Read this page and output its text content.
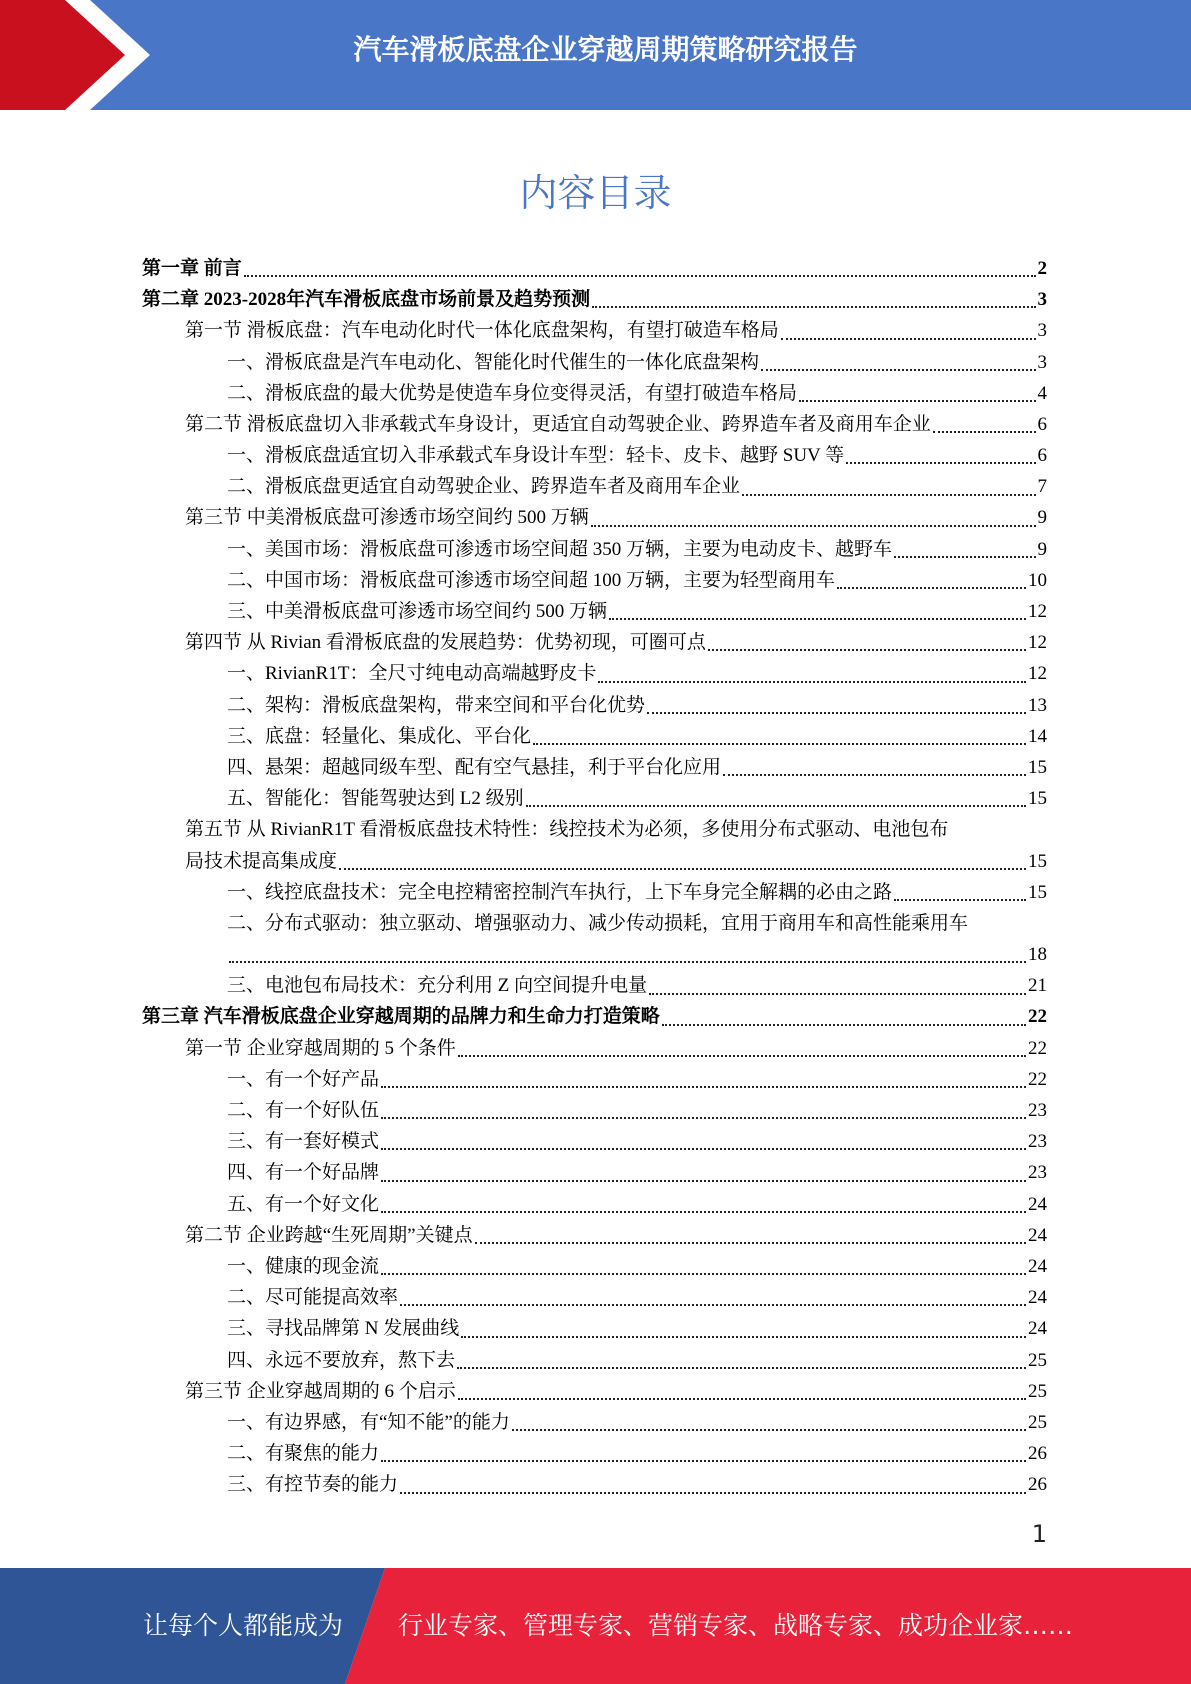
汽车滑板底盘企业穿越周期策略研究报告
内容目录
第一章 前言	2
第二章 2023-2028年汽车滑板底盘市场前景及趋势预测	3
第一节 滑板底盘：汽车电动化时代一体化底盘架构，有望打破造车格局	3
一、滑板底盘是汽车电动化、智能化时代催生的一体化底盘架构	3
二、滑板底盘的最大优势是使造车身位变得灵活，有望打破造车格局	4
第二节 滑板底盘切入非承载式车身设计，更适宜自动驾驶企业、跨界造车者及商用车企业	6
一、滑板底盘适宜切入非承载式车身设计车型：轻卡、皮卡、越野 SUV 等	6
二、滑板底盘更适宜自动驾驶企业、跨界造车者及商用车企业	7
第三节 中美滑板底盘可渗透市场空间约 500 万辆	9
一、美国市场：滑板底盘可渗透市场空间超 350 万辆，主要为电动皮卡、越野车	9
二、中国市场：滑板底盘可渗透市场空间超 100 万辆，主要为轻型商用车	10
三、中美滑板底盘可渗透市场空间约 500 万辆	12
第四节 从 Rivian 看滑板底盘的发展趋势：优势初现，可圈可点	12
一、RivianR1T：全尺寸纯电动高端越野皮卡	12
二、架构：滑板底盘架构，带来空间和平台化优势	13
三、底盘：轻量化、集成化、平台化	14
四、悬架：超越同级车型、配有空气悬挂，利于平台化应用	15
五、智能化：智能驾驶达到 L2 级别	15
第五节 从 RivianR1T 看滑板底盘技术特性：线控技术为必须，多使用分布式驱动、电池包布
局技术提高集成度	15
一、线控底盘技术：完全电控精密控制汽车执行，上下车身完全解耦的必由之路	15
二、分布式驱动：独立驱动、增强驱动力、减少传动损耗，宜用于商用车和高性能乘用车
18
三、电池包布局技术：充分利用 Z 向空间提升电量	21
第三章 汽车滑板底盘企业穿越周期的品牌力和生命力打造策略	22
第一节 企业穿越周期的 5 个条件	22
一、有一个好产品	22
二、有一个好队伍	23
三、有一套好模式	23
四、有一个好品牌	23
五、有一个好文化	24
第二节 企业跨越“生死周期”关键点	24
一、健康的现金流	24
二、尽可能提高效率	24
三、寻找品牌第 N 发展曲线	24
四、永远不要放弃，熬下去	25
第三节 企业穿越周期的 6 个启示	25
一、有边界感，有“知不能”的能力	25
二、有聚焦的能力	26
三、有控节奏的能力	26
1
让每个人都能成为 行业专家、管理专家、营销专家、战略专家、成功企业家……
